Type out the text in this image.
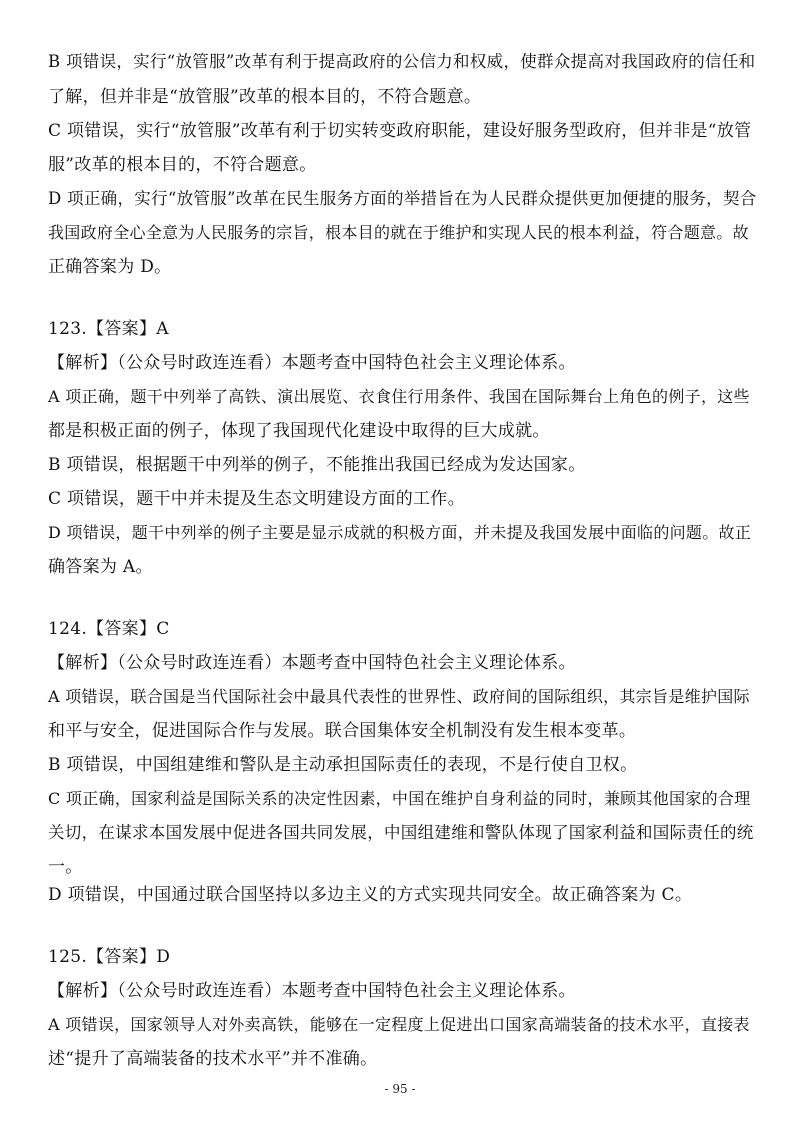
B 项错误，实行“放管服”改革有利于提高政府的公信力和权威，使群众提高对我国政府的信任和
了解，但并非是“放管服”改革的根本目的，不符合题意。
C 项错误，实行“放管服”改革有利于切实转变政府职能，建设好服务型政府，但并非是“放管
服”改革的根本目的，不符合题意。
D 项正确，实行“放管服”改革在民生服务方面的举措旨在为人民群众提供更加便捷的服务，契合
我国政府全心全意为人民服务的宗旨，根本目的就在于维护和实现人民的根本利益，符合题意。故
正确答案为 D。
123.【答案】A
【解析】（公众号时政连连看）本题考查中国特色社会主义理论体系。
A 项正确，题干中列举了高铁、演出展览、衣食住行用条件、我国在国际舞台上角色的例子，这些
都是积极正面的例子，体现了我国现代化建设中取得的巨大成就。
B 项错误，根据题干中列举的例子，不能推出我国已经成为发达国家。
C 项错误，题干中并未提及生态文明建设方面的工作。
D 项错误，题干中列举的例子主要是显示成就的积极方面，并未提及我国发展中面临的问题。故正
确答案为 A。
124.【答案】C
【解析】（公众号时政连连看）本题考查中国特色社会主义理论体系。
A 项错误，联合国是当代国际社会中最具代表性的世界性、政府间的国际组织，其宗旨是维护国际
和平与安全，促进国际合作与发展。联合国集体安全机制没有发生根本变革。
B 项错误，中国组建维和警队是主动承担国际责任的表现，不是行使自卫权。
C 项正确，国家利益是国际关系的决定性因素，中国在维护自身利益的同时，兼顾其他国家的合理
关切，在谋求本国发展中促进各国共同发展，中国组建维和警队体现了国家利益和国际责任的统
一。
D 项错误，中国通过联合国坚持以多边主义的方式实现共同安全。故正确答案为 C。
125.【答案】D
【解析】（公众号时政连连看）本题考查中国特色社会主义理论体系。
A 项错误，国家领导人对外卖高铁，能够在一定程度上促进出口国家高端装备的技术水平，直接表
述“提升了高端装备的技术水平”并不准确。
- 95 -
